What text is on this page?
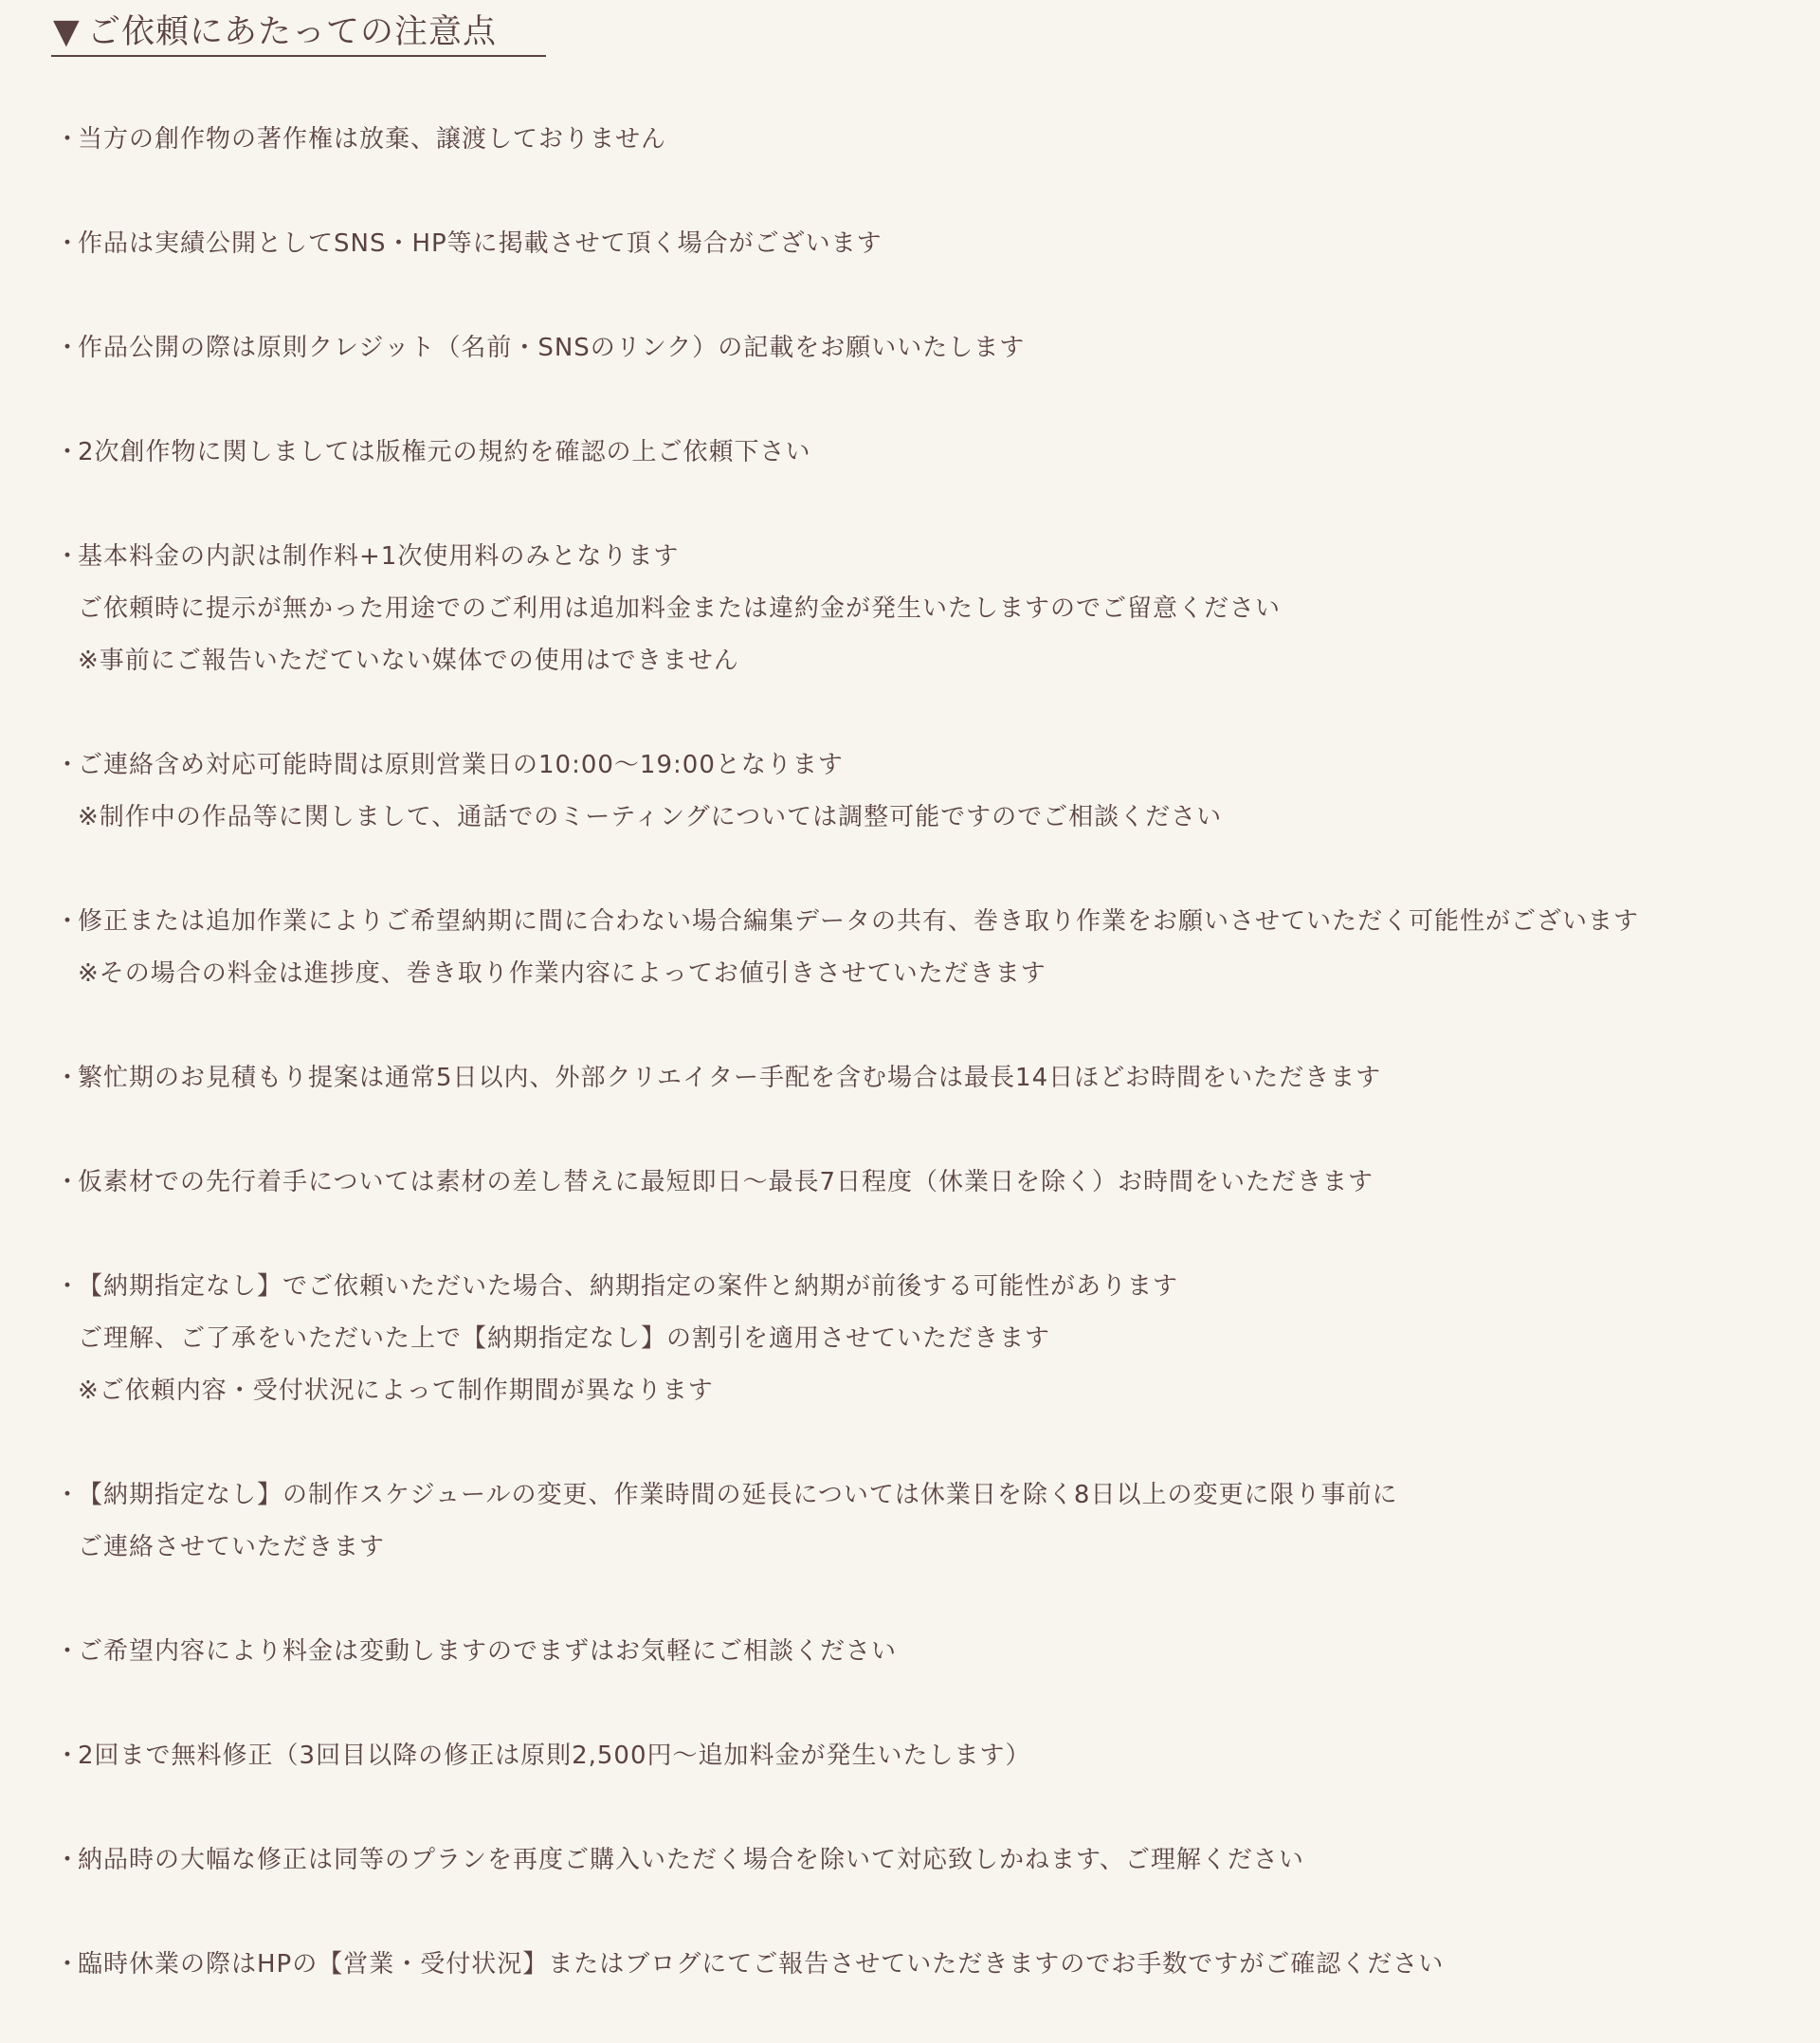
▼ ご依頼にあたっての注意点
・
当方の創作物の著作権は放棄、譲渡しておりません
・
作品は実績公開としてSNS・HP等に掲載させて頂く場合がございます
・
作品公開の際は原則クレジット（名前・SNSのリンク）の記載をお願いいたします
・
2次創作物に関しましては版権元の規約を確認の上ご依頼下さい
・
基本料金の内訳は制作料+1次使用料のみとなります
ご依頼時に提示が無かった用途でのご利用は追加料金または違約金が発生いたしますのでご留意ください
※事前にご報告いただていない媒体での使用はできません
・
ご連絡含め対応可能時間は原則営業日の10:00～19:00となります
※制作中の作品等に関しまして、通話でのミーティングについては調整可能ですのでご相談ください
・
修正または追加作業によりご希望納期に間に合わない場合編集データの共有、巻き取り作業をお願いさせていただく可能性がございます
※その場合の料金は進捗度、巻き取り作業内容によってお値引きさせていただきます
・
繁忙期のお見積もり提案は通常5日以内、外部クリエイター手配を含む場合は最長14日ほどお時間をいただきます
・
仮素材での先行着手については素材の差し替えに最短即日～最長7日程度（休業日を除く）お時間をいただきます
・
【納期指定なし】でご依頼いただいた場合、納期指定の案件と納期が前後する可能性があります
ご理解、ご了承をいただいた上で【納期指定なし】の割引を適用させていただきます
※ご依頼内容・受付状況によって制作期間が異なります
・
【納期指定なし】の制作スケジュールの変更、作業時間の延長については休業日を除く8日以上の変更に限り事前に
ご連絡させていただきます
・
ご希望内容により料金は変動しますのでまずはお気軽にご相談ください
・
2回まで無料修正（3回目以降の修正は原則2,500円～追加料金が発生いたします）
・
納品時の大幅な修正は同等のプランを再度ご購入いただく場合を除いて対応致しかねます、ご理解ください
・
臨時休業の際はHPの【営業・受付状況】またはブログにてご報告させていただきますのでお手数ですがご確認ください
